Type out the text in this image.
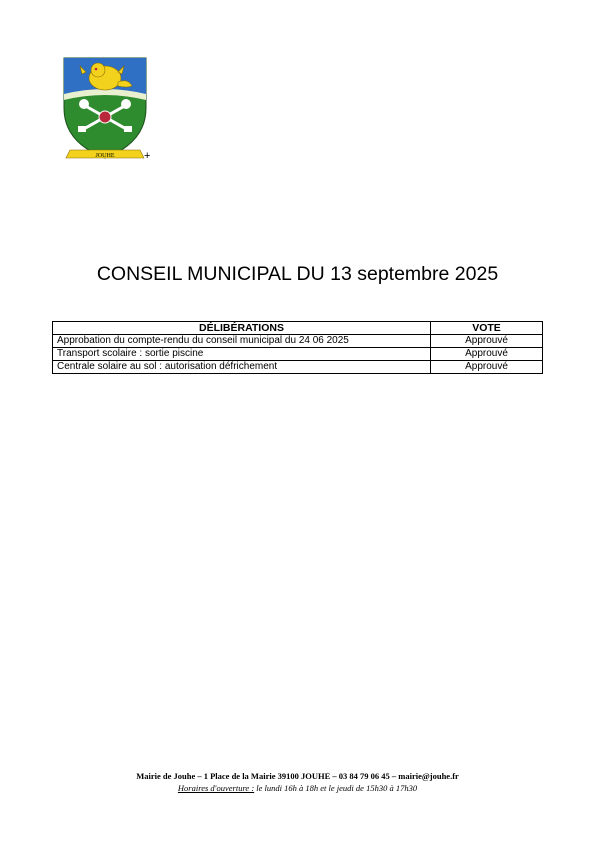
JOUHE	+
CONSEIL MUNICIPAL DU 13 septembre 2025
DÉLIBÉRATIONS	VOTE
Approbation du compte-rendu du conseil municipal du 24 06 2025	Approuvé
Transport scolaire : sortie piscine	Approuvé
Centrale solaire au sol : autorisation défrichement	Approuvé
Mairie de Jouhe – 1 Place de la Mairie 39100 JOUHE – 03 84 79 06 45 – mairie@jouhe.fr
Horaires d'ouverture : le lundi 16h à 18h et le jeudi de 15h30 à 17h30
